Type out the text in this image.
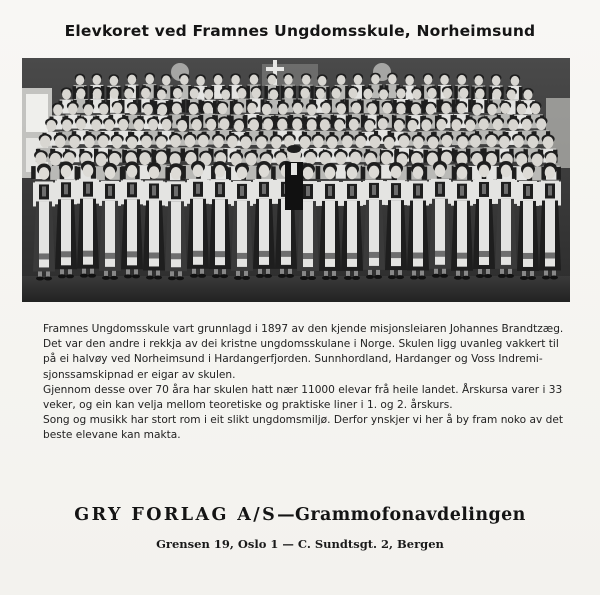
Elevkoret ved Framnes Ungdomsskule, Norheimsund

Framnes Ungdomsskule vart grunnlagd i 1897 av den kjende misjonsleiaren Johannes Brandtzæg.

Det var den andre i rekkja av dei kristne ungdomsskulane i Norge. Skulen ligg uvanleg vakkert til

på ei halvøy ved Norheimsund i Hardangerfjorden. Sunnhordland, Hardanger og Voss Indremi-

sjonssamskipnad er eigar av skulen.

Gjennom desse over 70 åra har skulen hatt nær 11000 elevar frå heile landet. Årskursa varer i 33

veker, og ein kan velja mellom teoretiske og praktiske liner i 1. og 2. årskurs.

Song og musikk har stort rom i eit slikt ungdomsmiljø. Derfor ynskjer vi her å by fram noko av det

beste elevane kan makta.

GRY FORLAG A/S—Grammofonavdelingen
Grensen 19, Oslo 1 — C. Sundtsgt. 2, Bergen
